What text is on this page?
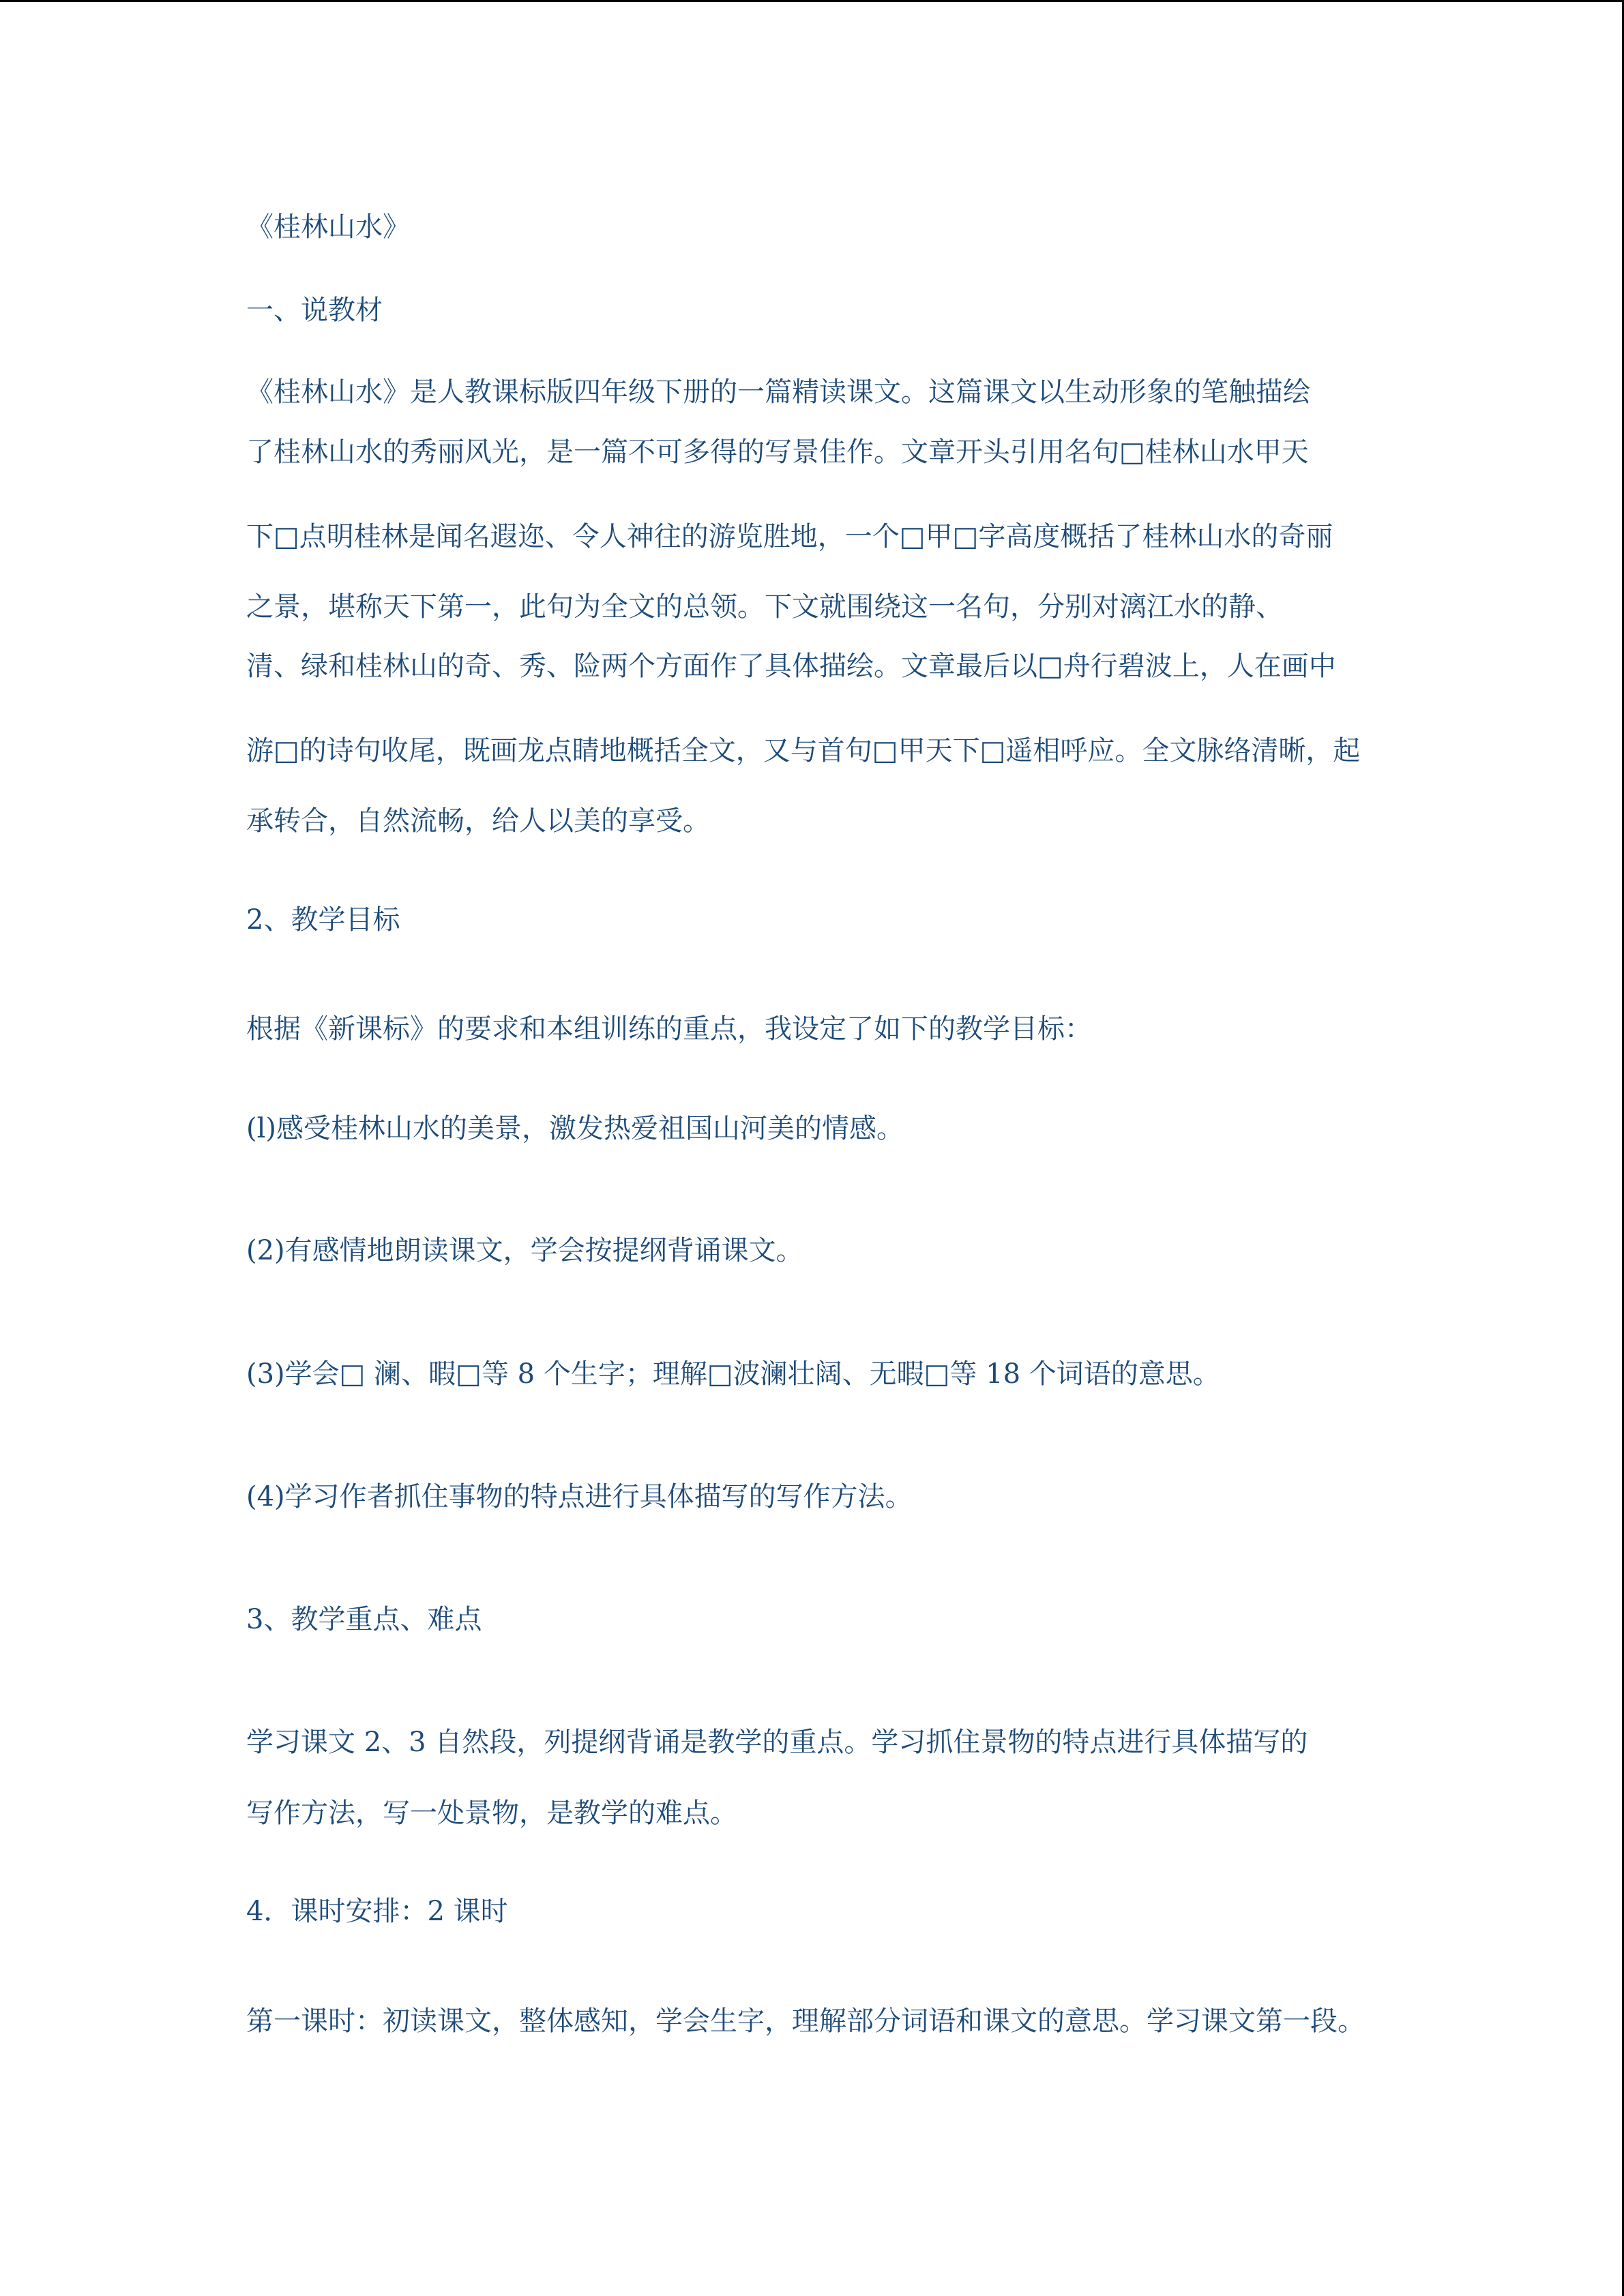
《桂林山水》

一、说教材

《桂林山水》是人教课标版四年级下册的一篇精读课文。这篇课文以生动形象的笔触描绘

了桂林山水的秀丽风光，是一篇不可多得的写景佳作。文章开头引用名句□桂林山水甲天

下□点明桂林是闻名遐迩、令人神往的游览胜地，一个□甲□字高度概括了桂林山水的奇丽

之景，堪称天下第一，此句为全文的总领。下文就围绕这一名句，分别对漓江水的静、

清、绿和桂林山的奇、秀、险两个方面作了具体描绘。文章最后以□舟行碧波上，人在画中

游□的诗句收尾，既画龙点睛地概括全文，又与首句□甲天下□遥相呼应。全文脉络清晰，起

承转合，自然流畅，给人以美的享受。

2、教学目标

根据《新课标》的要求和本组训练的重点，我设定了如下的教学目标：

(l)感受桂林山水的美景，激发热爱祖国山河美的情感。

(2)有感情地朗读课文，学会按提纲背诵课文。

(3)学会□ 澜、暇□等 8 个生字；理解□波澜壮阔、无暇□等 18 个词语的意思。

(4)学习作者抓住事物的特点进行具体描写的写作方法。

3、教学重点、难点

学习课文 2、3 自然段，列提纲背诵是教学的重点。学习抓住景物的特点进行具体描写的

写作方法，写一处景物，是教学的难点。

4．课时安排：2 课时

第一课时：初读课文，整体感知，学会生字，理解部分词语和课文的意思。学习课文第一段。
